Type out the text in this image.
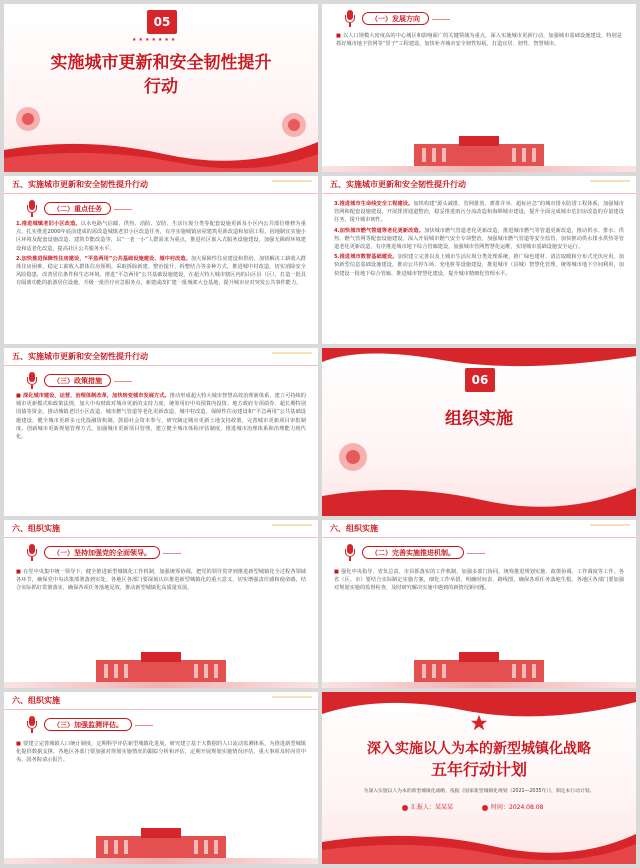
05
★★★★★★★
实施城市更新和安全韧性提升
行动
（一）发展方向
■ 以人口规模大密度高的中心城区和影响面广的关键领域为重点，深入实施城市更新行动，加强城市基础设施建设，特别是抓好城市地下管网等“里子”工程建设，加快补齐城市安全韧性短板，打造宜居、韧性、智慧城市。
五、实施城市更新和安全韧性提升行动
（二）重点任务

1.推进城镇老旧小区改造。以水电路气信邮、供热、消防、安防、生活垃圾分类等配套设施更新及小区内公共部位维修为重点，扎实推进2000年底前建成的需改造城镇老旧小区改造任务，有序实施城镇房屋建筑更新改造和加固工程，因地制宜实施小区环境及配套设施改造、建筑节能改造等，以“一老一小”人群需求为重点，推进社区嵌入式服务设施建设，加强无障碍环境建设和适老化改造，提高社区公共服务水平。

2.加快推进保障性住房建设、“平急两用”公共基础设施建设、城中村改造。加大保障性住房建设和供给，加快解决工薪收入群体住房困难，稳定工薪收入群体住房预期。采取拆除新建、整治提升、拆整结合等多种方式，推进城中村改造，切实消除安全风险隐患，改善居住条件和生态环境。推进“平急两用”公共基础设施建设，在超大特大城市辖区内的山区县（区），打造一批具有隔离功能的旅游居住设施，升级一批医疗应急服务点，新建或改扩建一批城郊大仓基地，提升城市应对突发公共事件能力。

五、实施城市更新和安全韧性提升行动

3.推进城市生命线安全工程建设。加快构建“源头减排、管网排放、蓄排并举、超标应急”的城市排水防涝工程体系，加强城市管网和配套设施建设，开展排涝通道整治，稳妥推进雨污分流改造和海绵城市建设，提升全面完成城市危旧房改造的存量建设任务，提升城市韧性。

4.加快城市燃气管道等老化更新改造。加快城市燃气管道老化更新改造，推进城市燃气等管道更新改造，推动供水、排水、供热、燃气管网等配套设施建设。深入开展城市燃气安全专项整治，加强城市燃气管道等安全监管，加快推动供水排水供热等管道老化更新改造，有序推进城市地下综合管廊建设，加强城市管网智慧化运维，实现城市基础设施安全运行。

5.推进城市数智基础建设。加快建立完善以及上城市生活垃圾分类处理系统，推广绿色建材、清洁取暖和分布式光伏应用。加快新型信息基础设施建设，推动公共停车场、充电桩等设施建设，推进城市（县城）智慧化管理，统筹城市地下空间利用，加快建设一批地下综合管廊，推进城市智慧化建设，提升城市精细化管理水平。

五、实施城市更新和安全韧性提升行动
（三）政策措施
■ 深化城市建设、运营、治理体制改革，加快转变城市发展方式。推动形成超大特大城市智慧高效治理新体系，建立可持续的城市更新模式和政策法规，加大中央财政对城市更新的支持力度，统筹用好中央预算内投资、地方政府专项债券、超长期特别国债等资金，推动城镇老旧小区改造、城市燃气管道等老化更新改造、城中村改造、保障性住房建设和“平急两用”公共基础设施建设，健全城市更新多元化投融资机制，鼓励社会资本参与，研究制定城市更新土地支持政策，完善城市更新项目审批制度，创新城市更新规划管理方式，加强城市更新项目管理，建立健全城市体检评估制度，推进城市治理体系和治理能力现代化。
06
组织实施
六、组织实施
（一）坚持加强党的全面领导。
■ 在党中央集中统一领导下，健全推进新型城镇化工作机制，加强统筹协调，把党的领导贯穿到推进新型城镇化全过程各领域各环节，确保党中央决策部署落到实处。各地区各部门要深刻认识推进新型城镇化的重大意义，切实增强责任感和使命感，结合实际抓好贯彻落实，确保各项任务落地见效，推动新型城镇化高质量发展。
六、组织实施
（二）完善实施推进机制。
■ 强化中央指导、省负总责、市县抓落实的工作机制，加强多部门协同，统筹推进规划实施、政策协调、工作调度等工作。各省（区、市）要结合实际制定实施方案，细化工作举措，明确时间表、路线图，确保各项任务落地生根。各地区各部门要加强对规划实施的监督检查，及时研究解决实施中遇到的新情况新问题。
六、组织实施
（三）加强监测评估。
■ 要建立完善城镇人口统计制度，定期科学评估新型城镇化进展，研究建立基于大数据的人口流动监测体系，为推进新型城镇化提供数据支撑。各地区各部门要加强对规划实施情况的跟踪分析和评估，定期开展规划实施情况评估，重大事项及时向党中央、国务院请示报告。
深入实施以人为本的新型城镇化战略
五年行动计划
为深入实施以人为本的新型城镇化战略，依据《国家新型城镇化规划（2021—2035年）》，制定本行动计划。
汇报人：某某某	时间：2024.08.08
